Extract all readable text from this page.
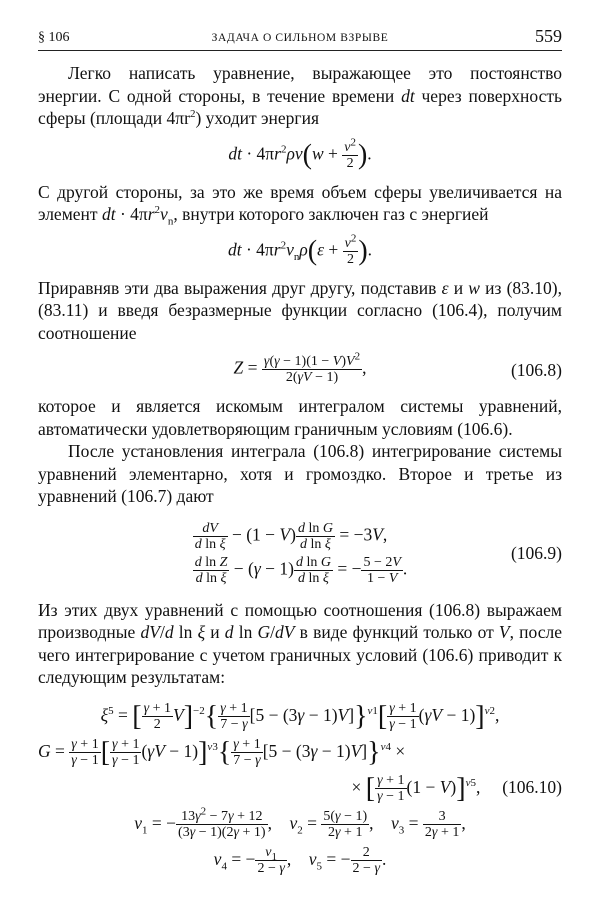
§ 106	ЗАДАЧА О СИЛЬНОМ ВЗРЫВЕ	559

Легко написать уравнение, выражающее это постоянство энергии. С одной стороны, в течение времени dt через поверхность сферы (площади $4\pi r^2$) уходит энергия

dt · $4\pi r^2\rho v(w + \frac{v^2}{2}$ ).

С другой стороны, за это же время объем сферы увеличивается на элемент dt · $4\pi r^2v_n$, внутри которого заключен газ с энергией

dt · $4\pi r^2v_n\rho(\varepsilon + \frac{v^2}{2}$ ).

Приравняв эти два выражения друг другу, подставив ε и w из (83.10), (83.11) и введя безразмерные функции согласно (106.4), получим соотношение

$Z = \frac{\gamma(\gamma - 1)(1 - V)V^2}{2(\gamma V - 1)}$ ,	(106.8)

которое и является искомым интегралом системы уравнений, автоматически удовлетворяющим граничным условиям (106.6).

После установления интеграла (106.8) интегрирование системы уравнений элементарно, хотя и громоздко. Второе и третье из уравнений (106.7) дают

$\frac{dV}{\text{d ln ξ}} - (1 - V) \frac{\text{d ln G}}{\text{d ln ξ}} = -3V$,
$\frac{\text{d ln Z}}{\text{d ln ξ}} - (\gamma - 1) \frac{\text{d ln G}}{\text{d ln ξ}}$ = − $\frac{5 - 2V}{1 - V}$ .
(106.9)

Из этих двух уравнений с помощью соотношения (106.8) выражаем производные dV/d ln ξ и d ln G/dV в виде функций только от V, после чего интегрирование с учетом граничных условий (106.6) приводит к следующим результатам:

$\xi^5$ = [ $\frac{\gamma + 1}{2} V]^{-2}\{ \frac{\gamma + 1}{7 - \gamma} [5 - (3\gamma - 1)V]\}^{\nu 1}[ \frac{\gamma + 1}{\gamma - 1} (\gamma V - 1)]^{\nu 2}$,
$G = \frac{\gamma + 1}{\gamma - 1}$ [ $\frac{\gamma + 1}{\gamma - 1} (\gamma V - 1)]^{\nu 3}\{ \frac{\gamma + 1}{7 - \gamma} [5 - (3\gamma - 1)V]\}^{\nu 4}$ ×
× [ $\frac{\gamma + 1}{\gamma - 1} (1 - V)]^{\nu 5}$,     (106.10)
$\nu_1$ = − $\frac{13\gamma^2 - 7\gamma + 12}{(3\gamma - 1)(2\gamma + 1)}$ ,    $\nu_2 = \frac{5(\gamma - 1)}{2\gamma + 1}$ ,    $\nu_3 = \frac{3}{2\gamma + 1}$ ,
$\nu_4$ = − $\frac{\nu_1}{2 - \gamma}$ ,    $\nu_5$ = − $\frac{2}{2 - \gamma}$ .
